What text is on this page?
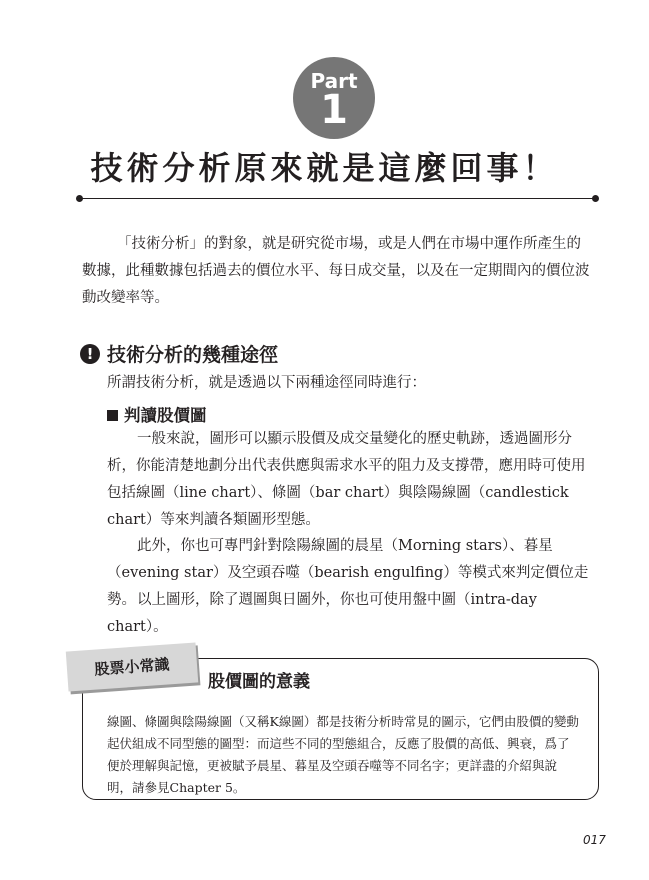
Part
1
技術分析原來就是這麼回事！

「技術分析」的對象，就是研究從市場，或是人們在市場中運作所產生的數據，此種數據包括過去的價位水平、每日成交量，以及在一定期間內的價位波動改變率等。

! 技術分析的幾種途徑

所謂技術分析，就是透過以下兩種途徑同時進行：

判讀股價圖

一般來說，圖形可以顯示股價及成交量變化的歷史軌跡，透過圖形分析，你能清楚地劃分出代表供應與需求水平的阻力及支撐帶，應用時可使用包括線圖（line chart）、條圖（bar chart）與陰陽線圖（candlestick chart）等來判讀各類圖形型態。

此外，你也可專門針對陰陽線圖的晨星（Morning stars）、暮星（evening star）及空頭吞噬（bearish engulfing）等模式來判定價位走勢。 以上圖形，除了週圖與日圖外，你也可使用盤中圖（intra-day chart）。

股票小常識
股價圖的意義

線圖、條圖與陰陽線圖（又稱K線圖）都是技術分析時常見的圖示，它們由股價的變動起伏組成不同型態的圖型：而這些不同的型態組合，反應了股價的高低、興衰，爲了便於理解與記憶，更被賦予晨星、暮星及空頭吞噬等不同名字；更詳盡的介紹與說明，請參見Chapter 5。

017
